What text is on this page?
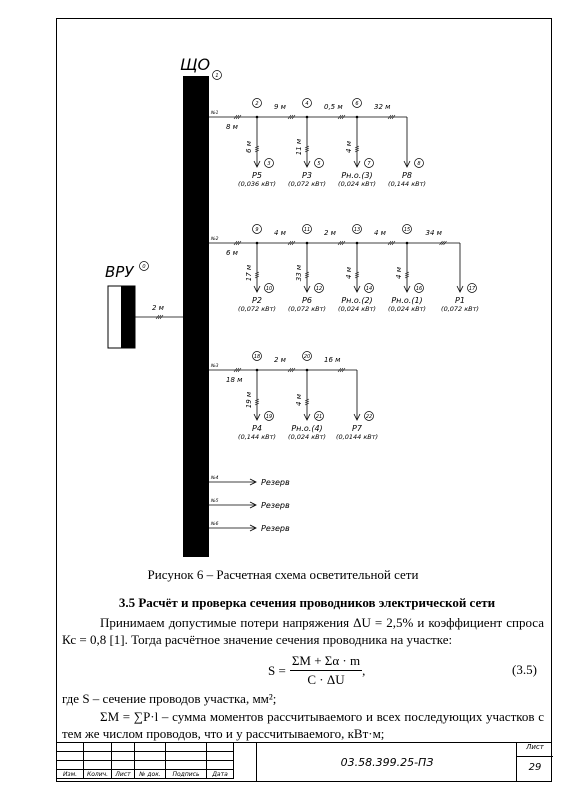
ЩО
1
ВРУ 0
2 м
№1
8 м
2 9 м
6 м
3
Р5
(0,036 кВт)
4 0,5 м
11 м
5
Р3
(0,072 кВт)
6 32 м
4 м
7
Рн.о.(3)
(0,024 кВт)
8
Р8
(0,144 кВт)
№2
6 м
9 4 м
17 м
10
Р2
(0,072 кВт)
11 2 м
33 м
12
Р6
(0,072 кВт)
13 4 м
4 м
14
Рн.о.(2)
(0,024 кВт)
15 34 м
4 м
16
Рн.о.(1)
(0,024 кВт)
17
Р1
(0,072 кВт)
№3
18 м
18 2 м
19 м
19
Р4
(0,144 кВт)
20 16 м
4 м
21
Рн.о.(4)
(0,024 кВт)
22
Р7
(0,0144 кВт)
№4	Резерв
№5	Резерв
№6	Резерв
Рисунок 6 – Расчетная схема осветительной сети
3.5 Расчёт и проверка сечения проводников электрической сети
Принимаем допустимые потери напряжения ΔU = 2,5% и коэффициент спроса Кс = 0,8 [1]. Тогда расчётное значение сечения проводника на участке:
$S = \frac{\Sigma M + \Sigma\alpha \cdot m}{C \cdot \Delta U}$ ,	(3.5)
где S – сечение проводов участка, мм²;
ΣМ = ∑Р·l – сумма моментов рассчитываемого и всех последующих участков с тем же числом проводов, что и у рассчитываемого, кВт·м;

Изм.	Колич.	Лист	№ док.	Подпись	Дата
03.58.399.25-ПЗ
Лист
29
